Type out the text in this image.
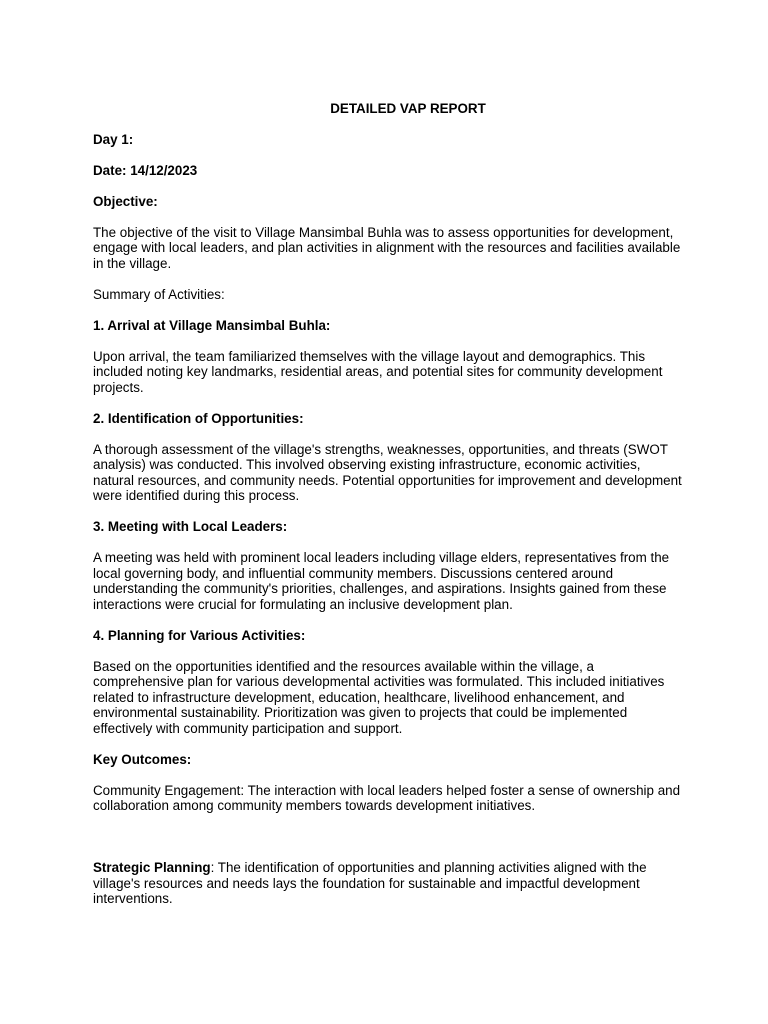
DETAILED VAP REPORT
Day 1:
Date: 14/12/2023
Objective:
The objective of the visit to Village Mansimbal Buhla was to assess opportunities for development, engage with local leaders, and plan activities in alignment with the resources and facilities available in the village.
Summary of Activities:
1. Arrival at Village Mansimbal Buhla:
Upon arrival, the team familiarized themselves with the village layout and demographics. This included noting key landmarks, residential areas, and potential sites for community development projects.
2. Identification of Opportunities:
A thorough assessment of the village's strengths, weaknesses, opportunities, and threats (SWOT analysis) was conducted. This involved observing existing infrastructure, economic activities, natural resources, and community needs. Potential opportunities for improvement and development were identified during this process.
3. Meeting with Local Leaders:
A meeting was held with prominent local leaders including village elders, representatives from the local governing body, and influential community members. Discussions centered around understanding the community's priorities, challenges, and aspirations. Insights gained from these interactions were crucial for formulating an inclusive development plan.
4. Planning for Various Activities:
Based on the opportunities identified and the resources available within the village, a comprehensive plan for various developmental activities was formulated. This included initiatives related to infrastructure development, education, healthcare, livelihood enhancement, and environmental sustainability. Prioritization was given to projects that could be implemented effectively with community participation and support.
Key Outcomes:
Community Engagement: The interaction with local leaders helped foster a sense of ownership and collaboration among community members towards development initiatives.
Strategic Planning: The identification of opportunities and planning activities aligned with the village's resources and needs lays the foundation for sustainable and impactful development interventions.
